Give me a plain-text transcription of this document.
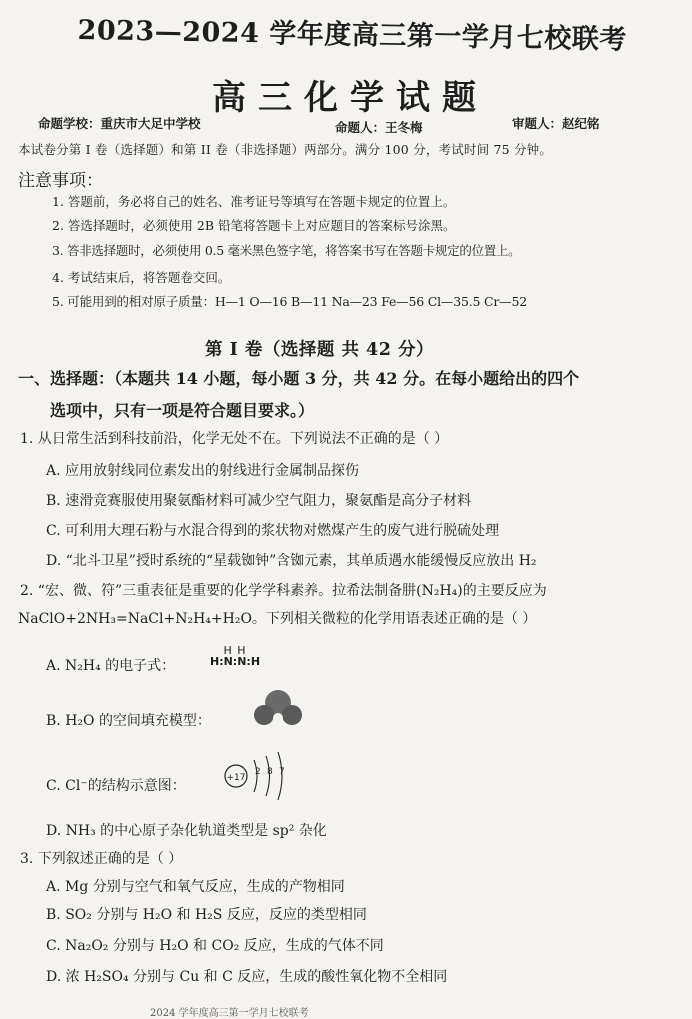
2023—2024 学年度高三第一学月七校联考
高三化学试题
命题学校：重庆市大足中学校	命题人：王冬梅	审题人：赵纪铭
本试卷分第 I 卷（选择题）和第 II 卷（非选择题）两部分。满分 100 分，考试时间 75 分钟。
注意事项：
1. 答题前，务必将自己的姓名、准考证号等填写在答题卡规定的位置上。
2. 答选择题时，必须使用 2B 铅笔将答题卡上对应题目的答案标号涂黑。
3. 答非选择题时，必须使用 0.5 毫米黑色签字笔，将答案书写在答题卡规定的位置上。
4. 考试结束后，将答题卷交回。
5. 可能用到的相对原子质量：H—1 O—16 B—11 Na—23 Fe—56 Cl—35.5 Cr—52
第 I 卷（选择题 共 42 分）
一、选择题：（本题共 14 小题，每小题 3 分，共 42 分。在每小题给出的四个
选项中，只有一项是符合题目要求。）
1. 从日常生活到科技前沿，化学无处不在。下列说法不正确的是（ ）
A. 应用放射线同位素发出的射线进行金属制品探伤
B. 速滑竞赛服使用聚氨酯材料可减少空气阻力，聚氨酯是高分子材料
C. 可利用大理石粉与水混合得到的浆状物对燃煤产生的废气进行脱硫处理
D. “北斗卫星”授时系统的“星载铷钟”含铷元素，其单质遇水能缓慢反应放出 H₂
2. “宏、微、符”三重表征是重要的化学学科素养。拉希法制备肼(N₂H₄)的主要反应为
NaClO+2NH₃=NaCl+N₂H₄+H₂O。下列相关微粒的化学用语表述正确的是（ ）
A. N₂H₄ 的电子式：
H H
H:N:N:H
B. H₂O 的空间填充模型：
C. Cl⁻的结构示意图：	+17
2 8 7
D. NH₃ 的中心原子杂化轨道类型是 sp² 杂化
3. 下列叙述正确的是（ ）
A. Mg 分别与空气和氧气反应，生成的产物相同
B. SO₂ 分别与 H₂O 和 H₂S 反应，反应的类型相同
C. Na₂O₂ 分别与 H₂O 和 CO₂ 反应，生成的气体不同
D. 浓 H₂SO₄ 分别与 Cu 和 C 反应，生成的酸性氧化物不全相同
2024 学年度高三第一学月七校联考
